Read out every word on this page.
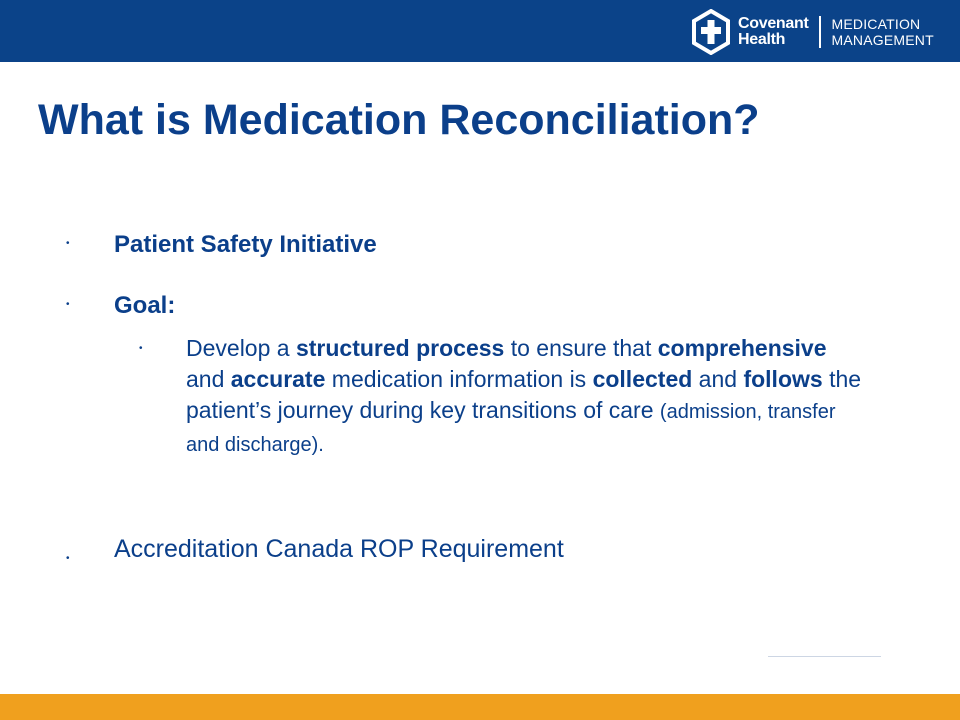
Covenant
Health
MEDICATION
MANAGEMENT
What is Medication Reconciliation?
• Patient Safety Initiative
• Goal:
• Develop a structured process to ensure that comprehensive and accurate medication information is collected and follows the patient’s journey during key transitions of care (admission, transfer and discharge).
• Accreditation Canada ROP Requirement
